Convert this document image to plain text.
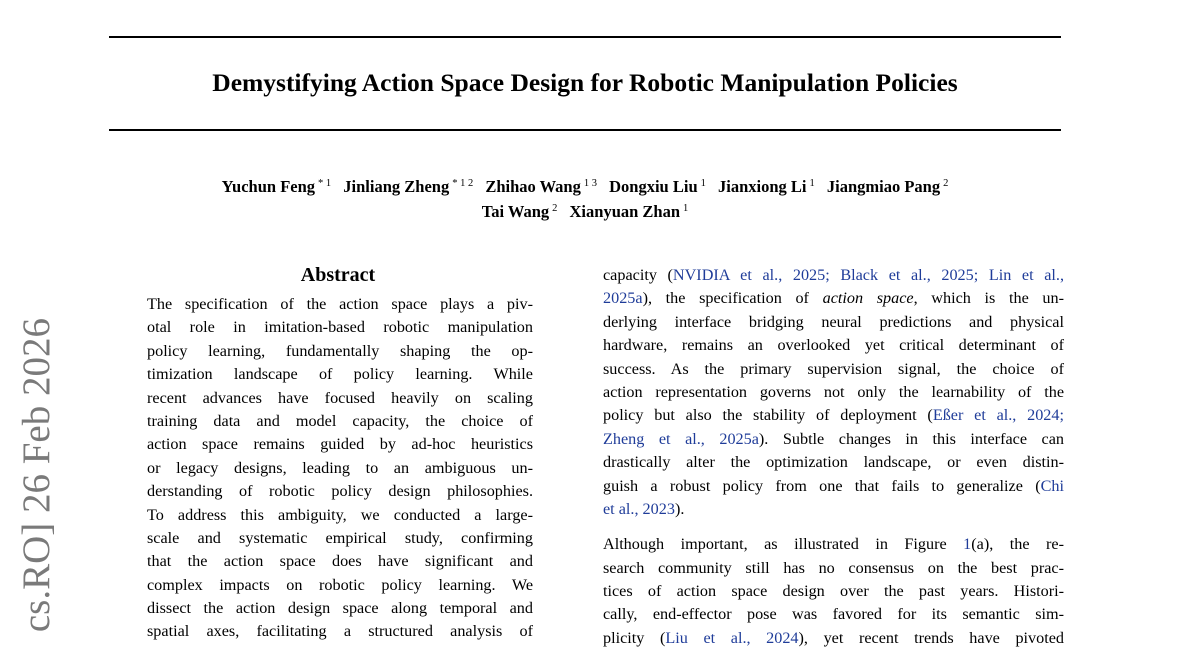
Demystifying Action Space Design for Robotic Manipulation Policies
Yuchun Feng $^{* 1}$ Jinliang Zheng $^{* 1 2}$ Zhihao Wang $^{1 3}$ Dongxiu Liu $^1$ Jianxiong Li $^1$ Jiangmiao Pang $^2$
Tai Wang $^2$ Xianyuan Zhan $^1$
cs.RO] 26 Feb 2026
Abstract
The specification of the action space plays a piv-
otal role in imitation-based robotic manipulation
policy learning, fundamentally shaping the op-
timization landscape of policy learning. While
recent advances have focused heavily on scaling
training data and model capacity, the choice of
action space remains guided by ad-hoc heuristics
or legacy designs, leading to an ambiguous un-
derstanding of robotic policy design philosophies.
To address this ambiguity, we conducted a large-
scale and systematic empirical study, confirming
that the action space does have significant and
complex impacts on robotic policy learning. We
dissect the action design space along temporal and
spatial axes, facilitating a structured analysis of
capacity (NVIDIA et al., 2025; Black et al., 2025; Lin et al.,
2025a), the specification of action space, which is the un-
derlying interface bridging neural predictions and physical
hardware, remains an overlooked yet critical determinant of
success. As the primary supervision signal, the choice of
action representation governs not only the learnability of the
policy but also the stability of deployment (Eßer et al., 2024;
Zheng et al., 2025a). Subtle changes in this interface can
drastically alter the optimization landscape, or even distin-
guish a robust policy from one that fails to generalize (Chi
et al., 2023).
Although important, as illustrated in Figure 1(a), the re-
search community still has no consensus on the best prac-
tices of action space design over the past years. Histori-
cally, end-effector pose was favored for its semantic sim-
plicity (Liu et al., 2024), yet recent trends have pivoted
